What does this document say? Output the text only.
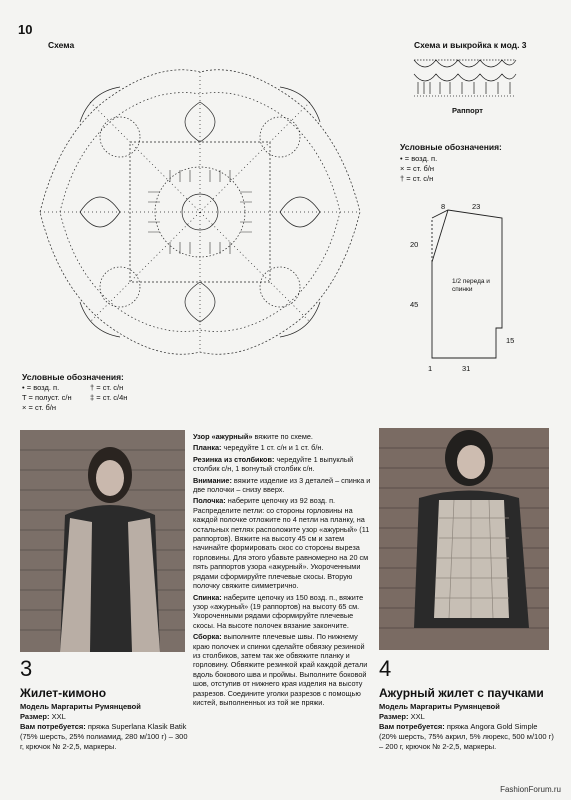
10
Схема
Условные обозначения:
• = возд. п.
T = полуст. с/н
× = ст. б/н
† = ст. с/н
‡ = ст. с/4н
Схема и выкройка к мод. 3
Раппорт
Условные обозначения:
• = возд. п.
× = ст. б/н
† = ст. с/н
8	23
20
45
15
1	31
1/2 переда и спинки

Узор «ажурный» вяжите по схеме.

Планка: чередуйте 1 ст. с/н и 1 ст. б/н.

Резинка из столбиков: чередуйте 1 выпуклый столбик с/н, 1 вогнутый столбик с/н.

Внимание: вяжите изделие из 3 деталей – спинка и две полочки – снизу вверх.

Полочка: наберите цепочку из 92 возд. п. Распределите петли: со стороны горловины на каждой полочке отложите по 4 петли на планку, на остальных петлях расположите узор «ажурный» (11 раппортов). Вяжите на высоту 45 см и затем начинайте формировать скос со стороны выреза горловины. Для этого убавьте равномерно на 20 см пять раппортов узора «ажурный». Укороченными рядами сформируйте плечевые скосы. Вторую полочку свяжите симметрично.

Спинка: наберите цепочку из 150 возд. п., вяжите узор «ажурный» (19 раппортов) на высоту 65 см. Укороченными рядами сформируйте плечевые скосы. На высоте полочек вязание закончите.

Сборка: выполните плечевые швы. По нижнему краю полочек и спинки сделайте обвязку резинкой из столбиков, затем так же обвяжите планку и горловину. Обвяжите резинкой край каждой детали вдоль бокового шва и проймы. Выполните боковой шов, отступив от нижнего края изделия на высоту разрезов. Соедините уголки разрезов с помощью кистей, выполненных из той же пряжи.

3
Жилет-кимоно
Модель Маргариты Румянцевой
Размер: XXL
Вам потребуется: пряжа Superlana Klasik Batik (75% шерсть, 25% полиамид, 280 м/100 г) – 300 г, крючок № 2-2,5, маркеры.
4
Ажурный жилет с паучками
Модель Маргариты Румянцевой
Размер: XXL
Вам потребуется: пряжа Angora Gold Simple (20% шерсть, 75% акрил, 5% люрекс, 500 м/100 г) – 200 г, крючок № 2-2,5, маркеры.
FashionForum.ru
